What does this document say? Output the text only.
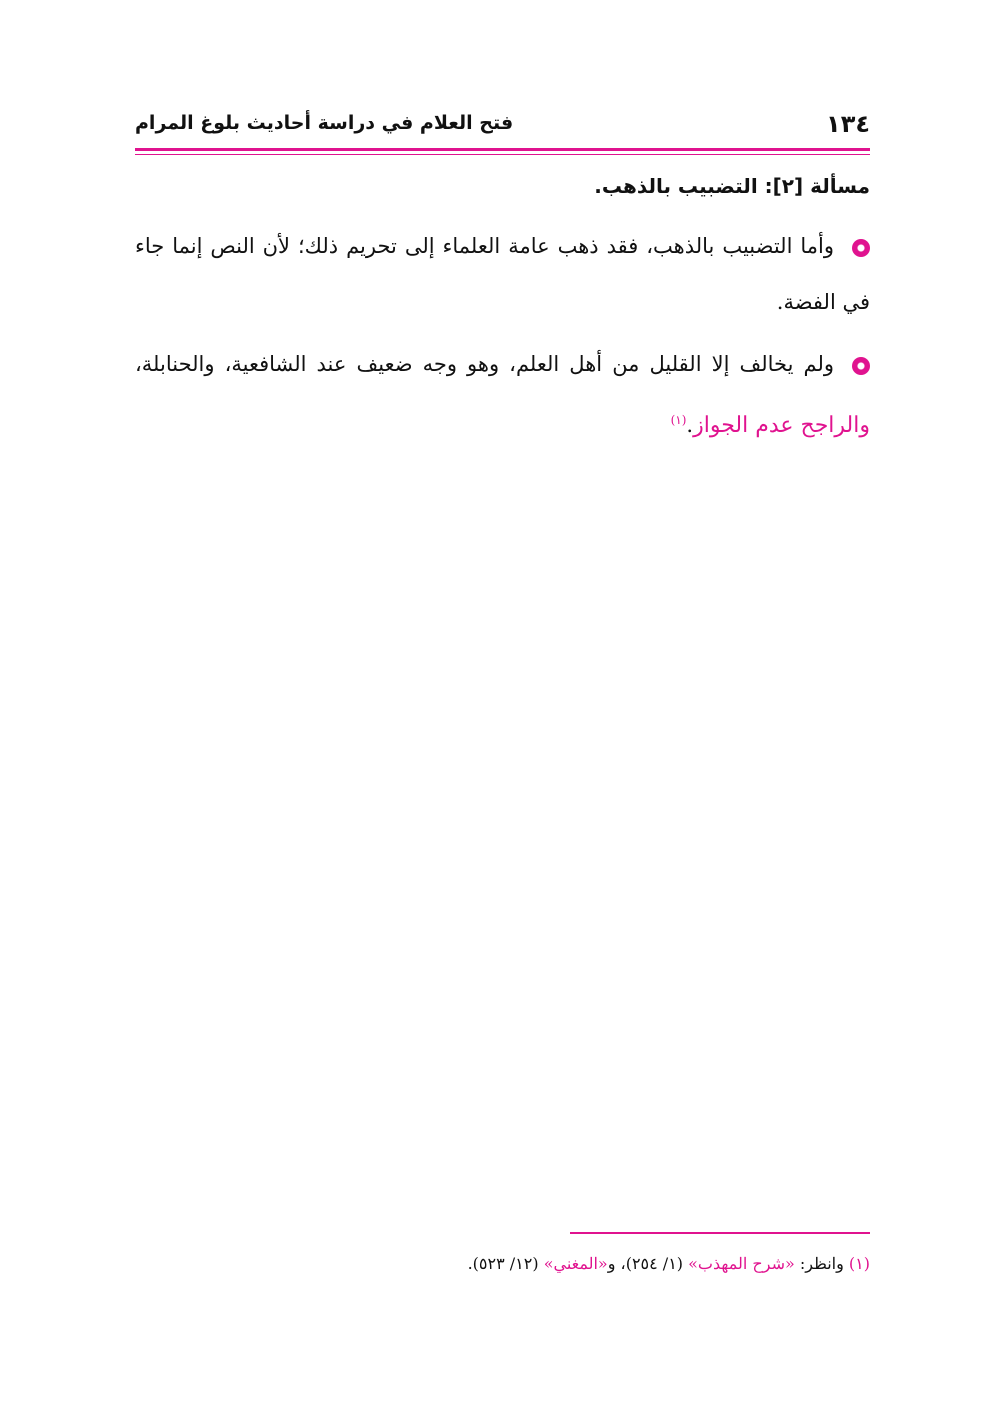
١٣٤
فتح العلام في دراسة أحاديث بلوغ المرام

مسألة [٢]: التضبيب بالذهب.

وأما التضبيب بالذهب، فقد ذهب عامة العلماء إلى تحريم ذلك؛ لأن النص إنما جاء في الفضة.

ولم يخالف إلا القليل من أهل العلم، وهو وجه ضعيف عند الشافعية، والحنابلة، والراجح عدم الجواز.$^{(١)}$

(١) وانظر: «شرح المهذب» (١/ ٢٥٤)، و«المغني» (١٢/ ٥٢٣).
